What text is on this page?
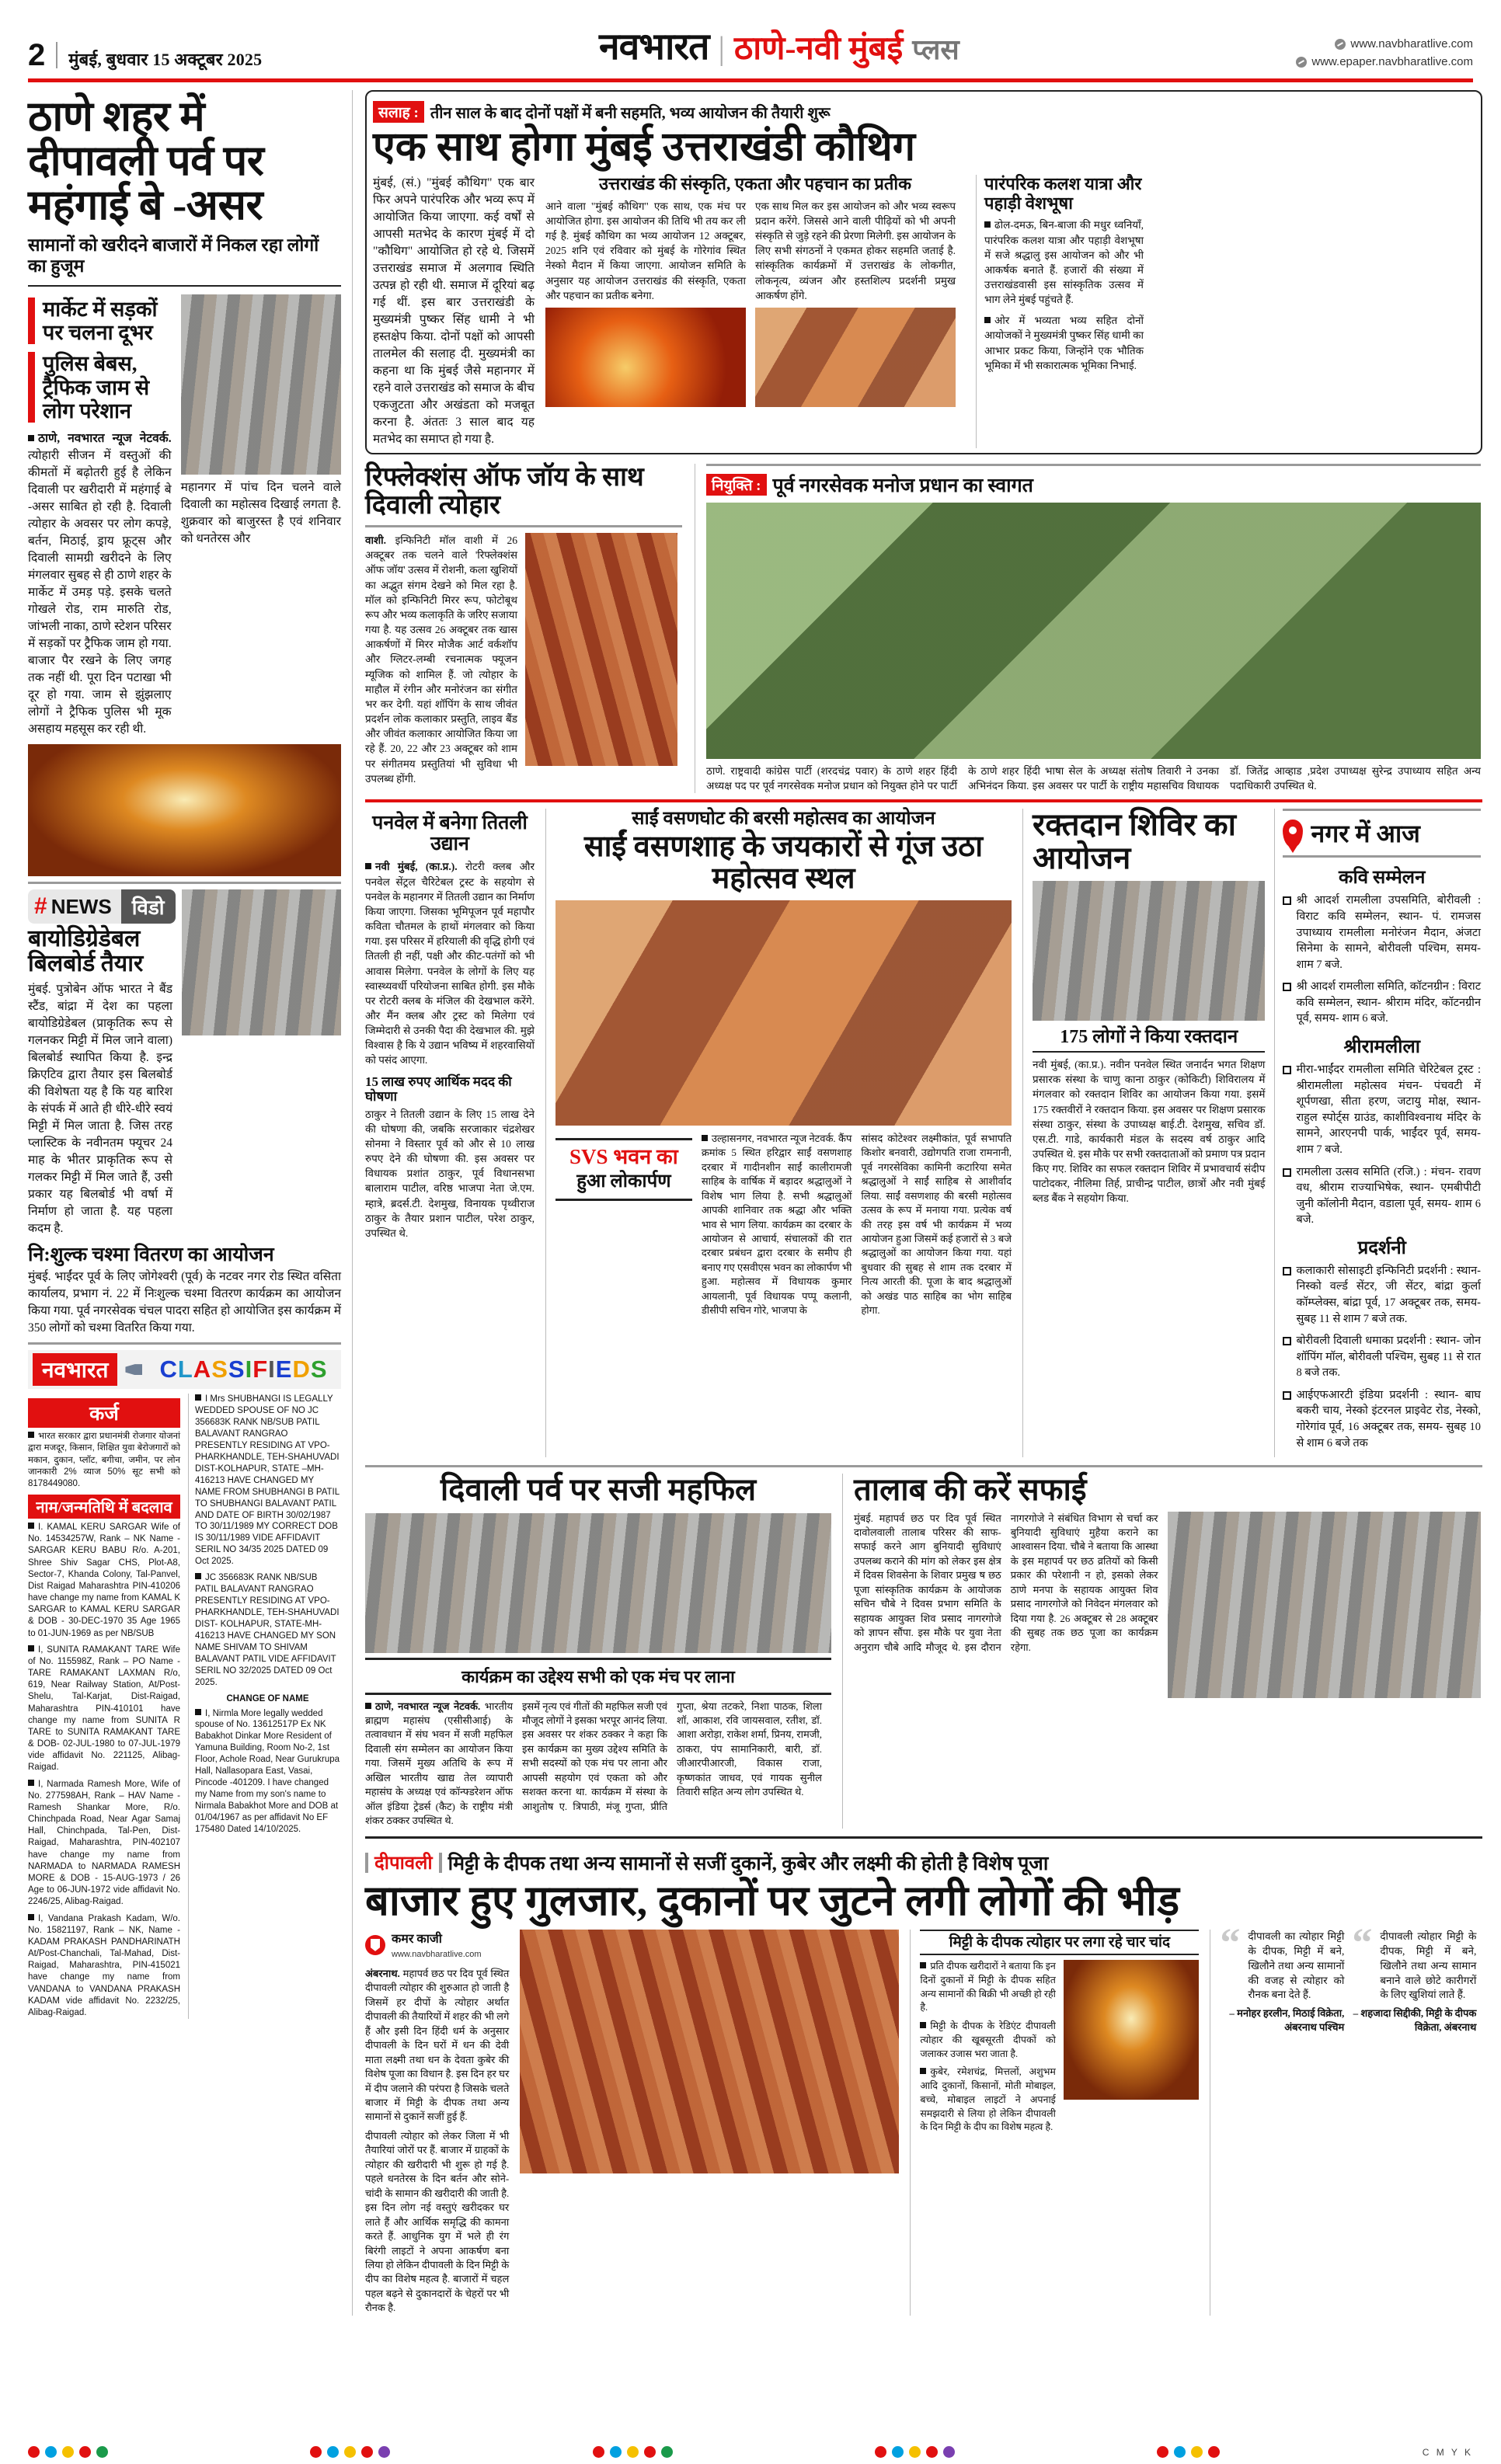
2 मुंबई, बुधवार 15 अक्टूबर 2025	नवभारत | ठाणे-नवी मुंबई प्लस	www.navbharatlive.com
www.epaper.navbharatlive.com
ठाणे शहर में दीपावली पर्व पर महंगाई बे -असर
सामानों को खरीदने बाजारों में निकल रहा लोगों का हुजूम
मार्केट में सड़कों पर चलना दूभर
पुलिस बेबस, ट्रैफिक जाम से लोग परेशान
ठाणे, नवभारत न्यूज नेटवर्क. त्योहारी सीजन में वस्तुओं की कीमतों में बढ़ोतरी हुई है लेकिन दिवाली पर खरीदारी में महंगाई बे -असर साबित हो रही है. दिवाली त्योहार के अवसर पर लोग कपड़े, बर्तन, मिठाई, ड्राय फ्रूट्स और दिवाली सामग्री खरीदने के लिए मंगलवार सुबह से ही ठाणे शहर के मार्केट में उमड़ पड़े. इसके चलते गोखले रोड, राम मारुति रोड, जांभली नाका, ठाणे स्टेशन परिसर में सड़कों पर ट्रैफिक जाम हो गया. बाजार पैर रखने के लिए जगह तक नहीं थी. पूरा दिन पटाखा भी दूर हो गया. जाम से झुंझलाए लोगों ने ट्रैफिक पुलिस भी मूक असहाय महसूस कर रही थी.
महानगर में पांच दिन चलने वाले दिवाली का महोत्सव दिखाई लगता है. शुक्रवार को बाजुरस्त है एवं शनिवार को धनतेरस और
# NEWS	विडो
बायोडिग्रेडेबल बिलबोर्ड तैयार
मुंबई. पुत्रोबेन ऑफ भारत ने बैंड स्टैंड, बांद्रा में देश का पहला बायोडिग्रेडेबल (प्राकृतिक रूप से गलनकर मिट्टी में मिल जाने वाला) बिलबोर्ड स्थापित किया है. इन्द्र क्रिएटिव द्वारा तैयार इस बिलबोर्ड की विशेषता यह है कि यह बारिश के संपर्क में आते ही धीरे-धीरे स्वयं मिट्टी में मिल जाता है. जिस तरह प्लास्टिक के नवीनतम फ्यूचर 24 माह के भीतर प्राकृतिक रूप से गलकर मिट्टी में मिल जाते हैं, उसी प्रकार यह बिलबोर्ड भी वर्षा में निर्माण हो जाता है. यह पहला कदम है.
नि:शुल्क चश्मा वितरण का आयोजन
मुंबई. भाईंदर पूर्व के लिए जोगेश्वरी (पूर्व) के नटवर नगर रोड स्थित वसिता कार्यालय, प्रभाग नं. 22 में निःशुल्क चश्मा वितरण कार्यक्रम का आयोजन किया गया. पूर्व नगरसेवक चंचल पादरा सहित हो आयोजित इस कार्यक्रम में 350 लोगों को चश्मा वितरित किया गया.
नवभारत	CLASSIFIEDS
कर्ज
भारत सरकार द्वारा प्रधानमंत्री रोजगार योजनां द्वारा मजदूर, किसान, शिक्षित युवा बेरोजगारों को मकान, दुकान, प्लॉट, बगीचा, जमीन, पर लोन जानकारी 2% व्याज 50% सूट सभी को 8178449080.
नाम/जन्मतिथि में बदलाव
I. KAMAL KERU SARGAR Wife of No. 14534257W, Rank – NK Name - SARGAR KERU BABU R/o. A-201, Shree Shiv Sagar CHS, Plot-A8, Sector-7, Khanda Colony, Tal-Panvel, Dist Raigad Maharashtra PIN-410206 have change my name from KAMAL K SARGAR to KAMAL KERU SARGAR & DOB - 30-DEC-1970 35 Age 1965 to 01-JUN-1969 as per NB/SUB
I, SUNITA RAMAKANT TARE Wife of No. 115598Z, Rank – PO Name - TARE RAMAKANT LAXMAN R/o, 619, Near Railway Station, At/Post-Shelu, Tal-Karjat, Dist-Raigad, Maharashtra PIN-410101 have change my name from SUNITA R TARE to SUNITA RAMAKANT TARE & DOB- 02-JUL-1980 to 07-JUL-1979 vide affidavit No. 221125, Alibag-Raigad.
I, Narmada Ramesh More, Wife of No. 277598AH, Rank – HAV Name - Ramesh Shankar More, R/o. Chinchpada Road, Near Agar Samaj Hall, Chinchpada, Tal-Pen, Dist-Raigad, Maharashtra, PIN-402107 have change my name from NARMADA to NARMADA RAMESH MORE & DOB - 15-AUG-1973 / 26 Age to 06-JUN-1972 vide affidavit No. 2246/25, Alibag-Raigad.
I, Vandana Prakash Kadam, W/o. No. 15821197, Rank – NK, Name - KADAM PRAKASH PANDHARINATH At/Post-Chanchali, Tal-Mahad, Dist-Raigad, Maharashtra, PIN-415021 have change my name from VANDANA to VANDANA PRAKASH KADAM vide affidavit No. 2232/25, Alibag-Raigad.
I Mrs SHUBHANGI IS LEGALLY WEDDED SPOUSE OF NO JC 356683K RANK NB/SUB PATIL BALAVANT RANGRAO PRESENTLY RESIDING AT VPO-PHARKHANDLE, TEH-SHAHUVADI DIST-KOLHAPUR, STATE –MH-416213 HAVE CHANGED MY NAME FROM SHUBHANGI B PATIL TO SHUBHANGI BALAVANT PATIL AND DATE OF BIRTH 30/02/1987 TO 30/11/1989 MY CORRECT DOB IS 30/11/1989 VIDE AFFIDAVIT SERIL NO 34/35 2025 DATED 09 Oct 2025.
JC 356683K RANK NB/SUB PATIL BALAVANT RANGRAO PRESENTLY RESIDING AT VPO-PHARKHANDLE, TEH-SHAHUVADI DIST- KOLHAPUR, STATE-MH-416213 HAVE CHANGED MY SON NAME SHIVAM TO SHIVAM BALAVANT PATIL VIDE AFFIDAVIT SERIL NO 32/2025 DATED 09 Oct 2025.
CHANGE OF NAME
I, Nirmla More legally wedded spouse of No. 13612517P Ex NK Babakhot Dinkar More Resident of Yamuna Building, Room No-2, 1st Floor, Achole Road, Near Gurukrupa Hall, Nallasopara East, Vasai, Pincode -401209. I have changed my Name from my son's name to Nirmala Babakhot More and DOB at 01/04/1967 as per affidavit No EF 175480 Dated 14/10/2025.
सलाह : तीन साल के बाद दोनों पक्षों में बनी सहमति, भव्य आयोजन की तैयारी शुरू
एक साथ होगा मुंबई उत्तराखंडी कौथिग
मुंबई, (सं.) "मुंबई कौथिग" एक बार फिर अपने पारंपरिक और भव्य रूप में आयोजित किया जाएगा. कई वर्षों से आपसी मतभेद के कारण मुंबई में दो "कौथिग" आयोजित हो रहे थे. जिसमें उत्तराखंड समाज में अलगाव स्थिति उत्पन्न हो रही थी. समाज में दूरियां बढ़ गई थीं. इस बार उत्तराखंडी के मुख्यमंत्री पुष्कर सिंह धामी ने भी हस्तक्षेप किया. दोनों पक्षों को आपसी तालमेल की सलाह दी. मुख्यमंत्री का कहना था कि मुंबई जैसे महानगर में रहने वाले उत्तराखंड को समाज के बीच एकजुटता और अखंडता को मजबूत करना है. अंततः 3 साल बाद यह मतभेद का समाप्त हो गया है.
उत्तराखंड की संस्कृति, एकता और पहचान का प्रतीक
आने वाला "मुंबई कौथिग" एक साथ, एक मंच पर आयोजित होगा. इस आयोजन की तिथि भी तय कर ली गई है. मुंबई कौथिग का भव्य आयोजन 12 अक्टूबर, 2025 शनि एवं रविवार को मुंबई के गोरेगांव स्थित नेस्को मैदान में किया जाएगा. आयोजन समिति के अनुसार यह आयोजन उत्तराखंड की संस्कृति, एकता और पहचान का प्रतीक बनेगा.
एक साथ मिल कर इस आयोजन को और भव्य स्वरूप प्रदान करेंगे. जिससे आने वाली पीढ़ियों को भी अपनी संस्कृति से जुड़े रहने की प्रेरणा मिलेगी. इस आयोजन के लिए सभी संगठनों ने एकमत होकर सहमति जताई है. सांस्कृतिक कार्यक्रमों में उत्तराखंड के लोकगीत, लोकनृत्य, व्यंजन और हस्तशिल्प प्रदर्शनी प्रमुख आकर्षण होंगे.
पारंपरिक कलश यात्रा और पहाड़ी वेशभूषा
ढोल-दमऊ, बिन-बाजा की मधुर ध्वनियाँ, पारंपरिक कलश यात्रा और पहाड़ी वेशभूषा में सजे श्रद्धालु इस आयोजन को और भी आकर्षक बनाते हैं. हजारों की संख्या में उत्तराखंडवासी इस सांस्कृतिक उत्सव में भाग लेने मुंबई पहुंचते हैं.
ओर में भव्यता भव्य सहित दोनों आयोजकों ने मुख्यमंत्री पुष्कर सिंह धामी का आभार प्रकट किया, जिन्होंने एक भौतिक भूमिका में भी सकारात्मक भूमिका निभाई.
रिफ्लेक्शंस ऑफ जॉय के साथ दिवाली त्योहार
वाशी. इन्फिनिटी मॉल वाशी में 26 अक्टूबर तक चलने वाले 'रिफ्लेक्शंस ऑफ जॉय' उत्सव में रोशनी, कला खुशियों का अद्भुत संगम देखने को मिल रहा है. मॉल को इन्फिनिटी मिरर रूप, फोटोबूथ रूप और भव्य कलाकृति के जरिए सजाया गया है. यह उत्सव 26 अक्टूबर तक खास आकर्षणों में मिरर मोजैक आर्ट वर्कशॉप और ग्लिटर-लम्बी रचनात्मक फ्यूजन म्यूजिक को शामिल हैं. जो त्योहार के माहौल में रंगीन और मनोरंजन का संगीत भर कर देगी. यहां शॉपिंग के साथ जीवंत प्रदर्शन लोक कलाकार प्रस्तुति, लाइव बैंड और जीवंत कलाकार आयोजित किया जा रहे हैं. 20, 22 और 23 अक्टूबर को शाम पर संगीतमय प्रस्तुतियां भी सुविधा भी उपलब्ध होंगी.
नियुक्ति : पूर्व नगरसेवक मनोज प्रधान का स्वागत
ठाणे. राष्ट्रवादी कांग्रेस पार्टी (शरदचंद्र पवार) के ठाणे शहर हिंदी अध्यक्ष पद पर पूर्व नगरसेवक मनोज प्रधान को नियुक्त होने पर पार्टी के ठाणे शहर हिंदी भाषा सेल के अध्यक्ष संतोष तिवारी ने उनका अभिनंदन किया. इस अवसर पर पार्टी के राष्ट्रीय महासचिव विधायक डॉ. जितेंद्र आव्हाड ,प्रदेश उपाध्यक्ष सुरेन्द्र उपाध्याय सहित अन्य पदाधिकारी उपस्थित थे.
पनवेल में बनेगा तितली उद्यान
नवी मुंबई, (का.प्र.). रोटरी क्लब और पनवेल सेंट्रल चैरिटेबल ट्रस्ट के सहयोग से पनवेल के महानगर में तितली उद्यान का निर्माण किया जाएगा. जिसका भूमिपूजन पूर्व महापौर कविता चौतमल के हाथों मंगलवार को किया गया. इस परिसर में हरियाली की वृद्धि होगी एवं तितली ही नहीं, पक्षी और कीट-पतंगों को भी आवास मिलेगा. पनवेल के लोगों के लिए यह स्वास्थ्यवर्धी परियोजना साबित होगी. इस मौके पर रोटरी क्लब के मंजिल की देखभाल करेंगे. और मैंन क्लब और ट्रस्ट को मिलेगा एवं जिम्मेदारी से उनकी पैदा की देखभाल की. मुझे विश्वास है कि ये उद्यान भविष्य में शहरवासियों को पसंद आएगा.
15 लाख रुपए आर्थिक मदद की घोषणा
ठाकुर ने तितली उद्यान के लिए 15 लाख देने की घोषणा की, जबकि सरजाकार चंद्रशेखर सोनमा ने विस्तार पूर्व को और से 10 लाख रुपए देने की घोषणा की. इस अवसर पर विधायक प्रशांत ठाकुर, पूर्व विधानसभा बालाराम पाटील, वरिष्ठ भाजपा नेता जे.एम. म्हात्रे, ब्रदर्स.टी. देशमुख, विनायक पृथ्वीराज ठाकुर के तैयार प्रशान पाटील, परेश ठाकुर, उपस्थित थे.
साईं वसणघोट की बरसी महोत्सव का आयोजन
साईं वसणशाह के जयकारों से गूंज उठा महोत्सव स्थल
SVS भवन का
हुआ लोकार्पण
उल्हासनगर, नवभारत न्यूज नेटवर्क. कैंप क्रमांक 5 स्थित हरिद्वार साईं वसणशाह दरबार में गादीनशीन साईं कालीरामजी साहिब के वार्षिक में बड़ादर श्रद्धालुओं ने विशेष भाग लिया है. सभी श्रद्धालुओं आपकी शानिवार तक श्रद्धा और भक्ति भाव से भाग लिया. कार्यक्रम का दरबार के आयोजन से आचार्य, संचालकों की रात दरबार प्रबंधन द्वारा दरबार के समीप ही बनाए गए एसवीएस भवन का लोकार्पण भी हुआ. महोत्सव में विधायक कुमार आयलानी, पूर्व विधायक पप्पू कलानी, डीसीपी सचिन गोरे, भाजपा के
सांसद कोटेश्वर लक्ष्मीकांत, पूर्व सभापति किशोर बनवारी, उद्योगपति राजा रामनानी, पूर्व नगरसेविका कामिनी कटारिया समेत श्रद्धालुओं ने साईं साहिब से आशीर्वाद लिया. साईं वसणशाह की बरसी महोत्सव उत्सव के रूप में मनाया गया. प्रत्येक वर्ष की तरह इस वर्ष भी कार्यक्रम में भव्य आयोजन हुआ जिसमें कई हजारों से 3 बजे श्रद्धालुओं का आयोजन किया गया. यहां बुधवार की सुबह से शाम तक दरबार में नित्य आरती की. पूजा के बाद श्रद्धालुओं को अखंड पाठ साहिब का भोग साहिब होगा.
रक्तदान शिविर का आयोजन
175 लोगों ने किया रक्तदान
नवी मुंबई, (का.प्र.). नवीन पनवेल स्थित जनार्दन भगत शिक्षण प्रसारक संस्था के चाणु काना ठाकुर (कोकिटी) शिविरालय में मंगलवार को रक्तदान शिविर का आयोजन किया गया. इसमें 175 रक्तवीरों ने रक्तदान किया. इस अवसर पर शिक्षण प्रसारक संस्था ठाकुर, संस्था के उपाध्यक्ष बाई.टी. देशमुख, सचिव डॉ. एस.टी. गाडे, कार्यकारी मंडल के सदस्य वर्ष ठाकुर आदि उपस्थित थे. इस मौके पर सभी रक्तदाताओं को प्रमाण पत्र प्रदान किए गए. शिविर का सफल रक्तदान शिविर में प्रभावचार्य संदीप पाटोदकर, नीलिमा तिर्ह, प्राचीन्द्र पाटील, छात्रों और नवी मुंबई ब्लड बैंक ने सहयोग किया.
नगर में आज
कवि सम्मेलन
श्री आदर्श रामलीला उपसमिति, बोरीवली : विराट कवि सम्मेलन, स्थान- पं. रामजस उपाध्याय रामलीला मनोरंजन मैदान, अंजटा सिनेमा के सामने, बोरीवली पश्चिम, समय- शाम 7 बजे.
श्री आदर्श रामलीला समिति, कॉटनग्रीन : विराट कवि सम्मेलन, स्थान- श्रीराम मंदिर, कॉटनग्रीन पूर्व, समय- शाम 6 बजे.
श्रीरामलीला
मीरा-भाईंदर रामलीला समिति चेरिटेबल ट्रस्ट : श्रीरामलीला महोत्सव मंचन- पंचवटी में शूर्पणखा, सीता हरण, जटायु मोक्ष, स्थान- राहुल स्पोर्ट्स ग्राउंड, काशीविश्वनाथ मंदिर के सामने, आरएनपी पार्क, भाईंदर पूर्व, समय- शाम 7 बजे.
रामलीला उत्सव समिति (रजि.) : मंचन- रावण वध, श्रीराम राज्याभिषेक, स्थान- एमबीपीटी जुनी कॉलोनी मैदान, वडाला पूर्व, समय- शाम 6 बजे.
प्रदर्शनी
कलाकारी सोसाइटी इन्फिनिटी प्रदर्शनी : स्थान- निस्को वर्ल्ड सेंटर, जी सेंटर, बांद्रा कुर्ला कॉम्प्लेक्स, बांद्रा पूर्व, 17 अक्टूबर तक, समय- सुबह 11 से शाम 7 बजे तक.
बोरीवली दिवाली धमाका प्रदर्शनी : स्थान- जोन शॉपिंग मॉल, बोरीवली पश्चिम, सुबह 11 से रात 8 बजे तक.
आईएफआरटी इंडिया प्रदर्शनी : स्थान- बाघ बकरी चाय, नेस्को इंटरनल प्राइवेट रोड, नेस्को, गोरेगांव पूर्व, 16 अक्टूबर तक, समय- सुबह 10 से शाम 6 बजे तक
दिवाली पर्व पर सजी महफिल
कार्यक्रम का उद्देश्य सभी को एक मंच पर लाना
ठाणे, नवभारत न्यूज नेटवर्क. भारतीय ब्राह्मण महासंघ (एसीसीआई) के तत्वावधान में संघ भवन में सजी महफिल दिवाली संग सम्मेलन का आयोजन किया गया. जिसमें मुख्य अतिथि के रूप में अखिल भारतीय खाद्य तेल व्यापारी महासंघ के अध्यक्ष एवं कॉन्फ्डरेशन ऑफ ऑल इंडिया ट्रेडर्स (कैट) के राष्ट्रीय मंत्री शंकर ठक्कर उपस्थित थे.
इसमें नृत्य एवं गीतों की महफिल सजी एवं मौजूद लोगों ने इसका भरपूर आनंद लिया. इस अवसर पर शंकर ठक्कर ने कहा कि इस कार्यक्रम का मुख्य उद्देश्य समिति के सभी सदस्यों को एक मंच पर लाना और आपसी सहयोग एवं एकता को और सशक्त करना था. कार्यक्रम में संस्था के आशुतोष ए. त्रिपाठी, मंजू गुप्ता, प्रीति गुप्ता, श्रेया तटकरे, निशा पाठक, शिला शॉ, आकाश, रवि जायसवाल, रतीश, डॉ. आशा अरोड़ा, राकेश शर्मा, प्रिनय, रामजी, ठाकरा, पंप सामानिकारी, बारी, डॉ. जीआरपीआरजी, विकास राजा, कृष्णकांत जाधव, एवं गायक सुनील तिवारी सहित अन्य लोग उपस्थित थे.
तालाब की करें सफाई
मुंबई. महापर्व छठ पर दिव पूर्व स्थित दावोलवाली तालाब परिसर की साफ-सफाई करने आग बुनियादी सुविधाएं उपलब्ध कराने की मांग को लेकर इस क्षेत्र में दिवस शिवसेना के शिवार प्रमुख ष छठ पूजा सांस्कृतिक कार्यक्रम के आयोजक सचिन चौबे ने दिवस प्रभाग समिति के सहायक आयुक्त शिव प्रसाद नागरगोजे को ज्ञापन सौंपा. इस मौके पर युवा नेता अनुराग चौबे आदि मौजूद थे. इस दौरान नागरगोजे ने संबंधित विभाग से चर्चा कर बुनियादी सुविधाएं मुहैया कराने का आश्वासन दिया. चौबे ने बताया कि आस्था के इस महापर्व पर छठ व्रतियों को किसी प्रकार की परेशानी न हो, इसको लेकर ठाणे मनपा के सहायक आयुक्त शिव प्रसाद नागरगोजे को निवेदन मंगलवार को दिया गया है. 26 अक्टूबर से 28 अक्टूबर की सुबह तक छठ पूजा का कार्यक्रम रहेगा.
दीपावली मिट्टी के दीपक तथा अन्य सामानों से सजीं दुकानें, कुबेर और लक्ष्मी की होती है विशेष पूजा
बाजार हुए गुलजार, दुकानों पर जुटने लगी लोगों की भीड़
कमर काजी
www.navbharatlive.com
अंबरनाथ. महापर्व छठ पर दिव पूर्व स्थित दीपावली त्योहार की शुरुआत हो जाती है जिसमें हर दीपों के त्योहार अर्थात दीपावली की तैयारियों में शहर की भी लगे हैं और इसी दिन हिंदी धर्म के अनुसार दीपावली के दिन घरों में धन की देवी माता लक्ष्मी तथा धन के देवता कुबेर की विशेष पूजा का विधान है. इस दिन हर घर में दीप जलाने की परंपरा है जिसके चलते बाजार में मिट्टी के दीपक तथा अन्य सामानों से दुकानें सजीं हुई हैं.
दीपावली त्योहार को लेकर जिला में भी तैयारियां जोरों पर हैं. बाजार में ग्राहकों के त्योहार की खरीदारी भी शुरू हो गई है. पहले धनतेरस के दिन बर्तन और सोने-चांदी के सामान की खरीदारी की जाती है. इस दिन लोग नई वस्तुएं खरीदकर घर लाते हैं और आर्थिक समृद्धि की कामना करते हैं. आधुनिक युग में भले ही रंग बिरंगी लाइटों ने अपना आकर्षण बना लिया हो लेकिन दीपावली के दिन मिट्टी के दीप का विशेष महत्व है. बाजारों में चहल पहल बढ़ने से दुकानदारों के चेहरों पर भी रौनक है.
मिट्टी के दीपक त्योहार पर लगा रहे चार चांद
प्रति दीपक खरीदारों ने बताया कि इन दिनों दुकानों में मिट्टी के दीपक सहित अन्य सामानों की बिक्री भी अच्छी हो रही है.
मिट्टी के दीपक के रेडिएंट दीपावली त्योहार की खूबसूरती दीपकों को जलाकर उजास भरा जाता है.
कुबेर, रमेशचंद्र, मित्तलों, अशुभम आदि दुकानों, किसानों, मोती मोबाइल, बच्चे, मोबाइल लाइटों ने अपनाई समझदारी से लिया हो लेकिन दीपावली के दिन मिट्टी के दीप का विशेष महत्व है.
“ दीपावली का त्योहार मिट्टी के दीपक, मिट्टी में बने, खिलौने तथा अन्य सामानों की वजह से त्योहार को रौनक बना देते हैं.
– मनोहर हरलीन, मिठाई विक्रेता, अंबरनाथ पश्चिम
“ दीपावली त्योहार मिट्टी के दीपक, मिट्टी में बने, खिलौने तथा अन्य सामान बनाने वाले छोटे कारीगरों के लिए खुशियां लाते हैं.
– शहजादा सिद्दीकी, मिट्टी के दीपक विक्रेता, अंबरनाथ
C M Y K
